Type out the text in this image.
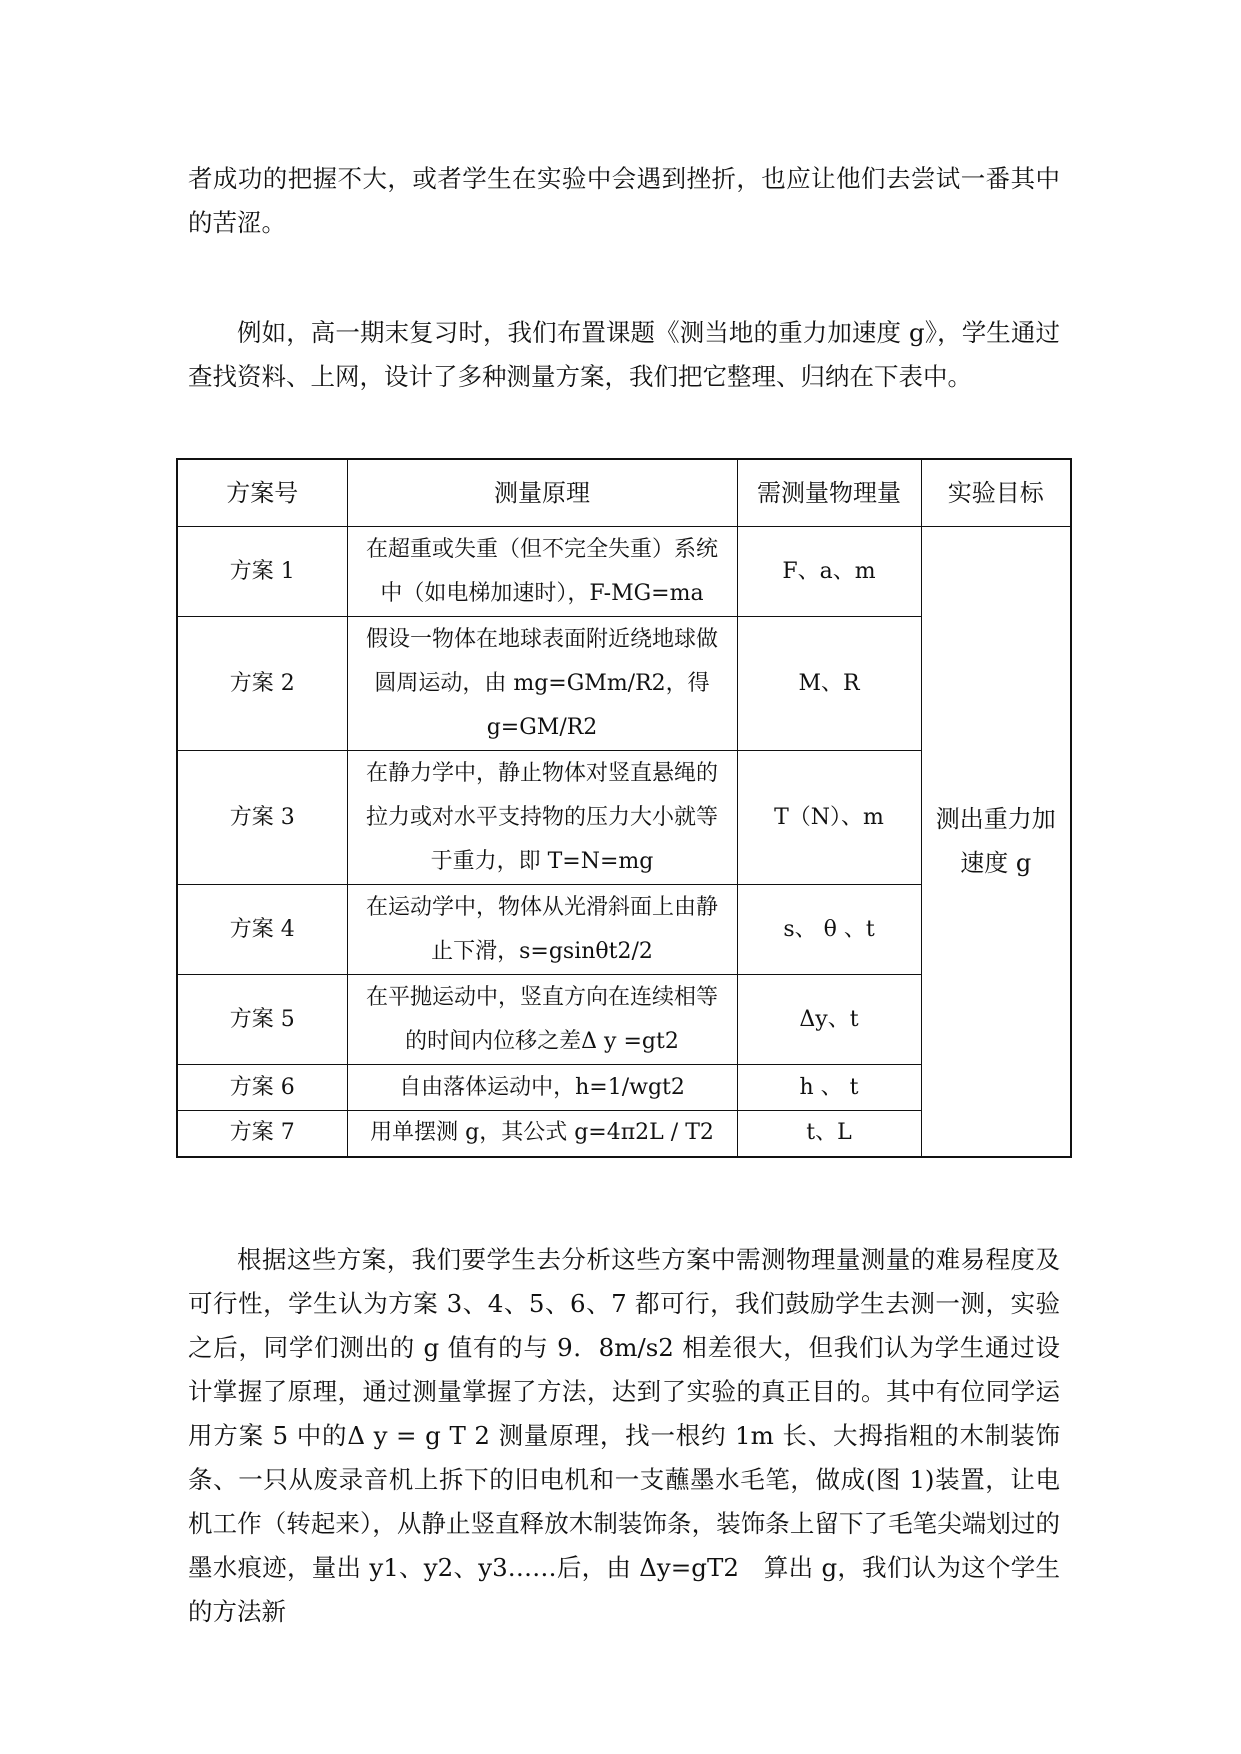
者成功的把握不大，或者学生在实验中会遇到挫折，也应让他们去尝试一番其中的苦涩。

例如，高一期末复习时，我们布置课题《测当地的重力加速度 g》，学生通过查找资料、上网，设计了多种测量方案，我们把它整理、归纳在下表中。

方案号	测量原理	需测量物理量	实验目标
方案 1	在超重或失重（但不完全失重）系统中（如电梯加速时），F-MG=ma	F、a、m	测出重力加速度 g
方案 2	假设一物体在地球表面附近绕地球做圆周运动，由 mg=GMm/R2，得 g=GM/R2	M、R	
方案 3	在静力学中，静止物体对竖直悬绳的拉力或对水平支持物的压力大小就等于重力，即 T=N=mg	T（N）、m	
方案 4	在运动学中，物体从光滑斜面上由静止下滑，s=gsinθt2/2	s、 θ 、t	
方案 5	在平抛运动中，竖直方向在连续相等的时间内位移之差Δ y =gt2	Δy、t	
方案 6	自由落体运动中，h=1/wgt2	h 、 t	
方案 7	用单摆测 g，其公式 g=4π2L / T2	t、L	

根据这些方案，我们要学生去分析这些方案中需测物理量测量的难易程度及可行性，学生认为方案 3、4、5、6、7 都可行，我们鼓励学生去测一测，实验之后，同学们测出的 g 值有的与 9．8m/s2 相差很大，但我们认为学生通过设计掌握了原理，通过测量掌握了方法，达到了实验的真正目的。其中有位同学运用方案 5 中的Δ y = g T 2 测量原理，找一根约 1m 长、大拇指粗的木制装饰条、一只从废录音机上拆下的旧电机和一支蘸墨水毛笔，做成(图 1)装置，让电机工作（转起来），从静止竖直释放木制装饰条，装饰条上留下了毛笔尖端划过的墨水痕迹，量出 y1、y2、y3……后，由 Δy=gT2　算出 g，我们认为这个学生的方法新
